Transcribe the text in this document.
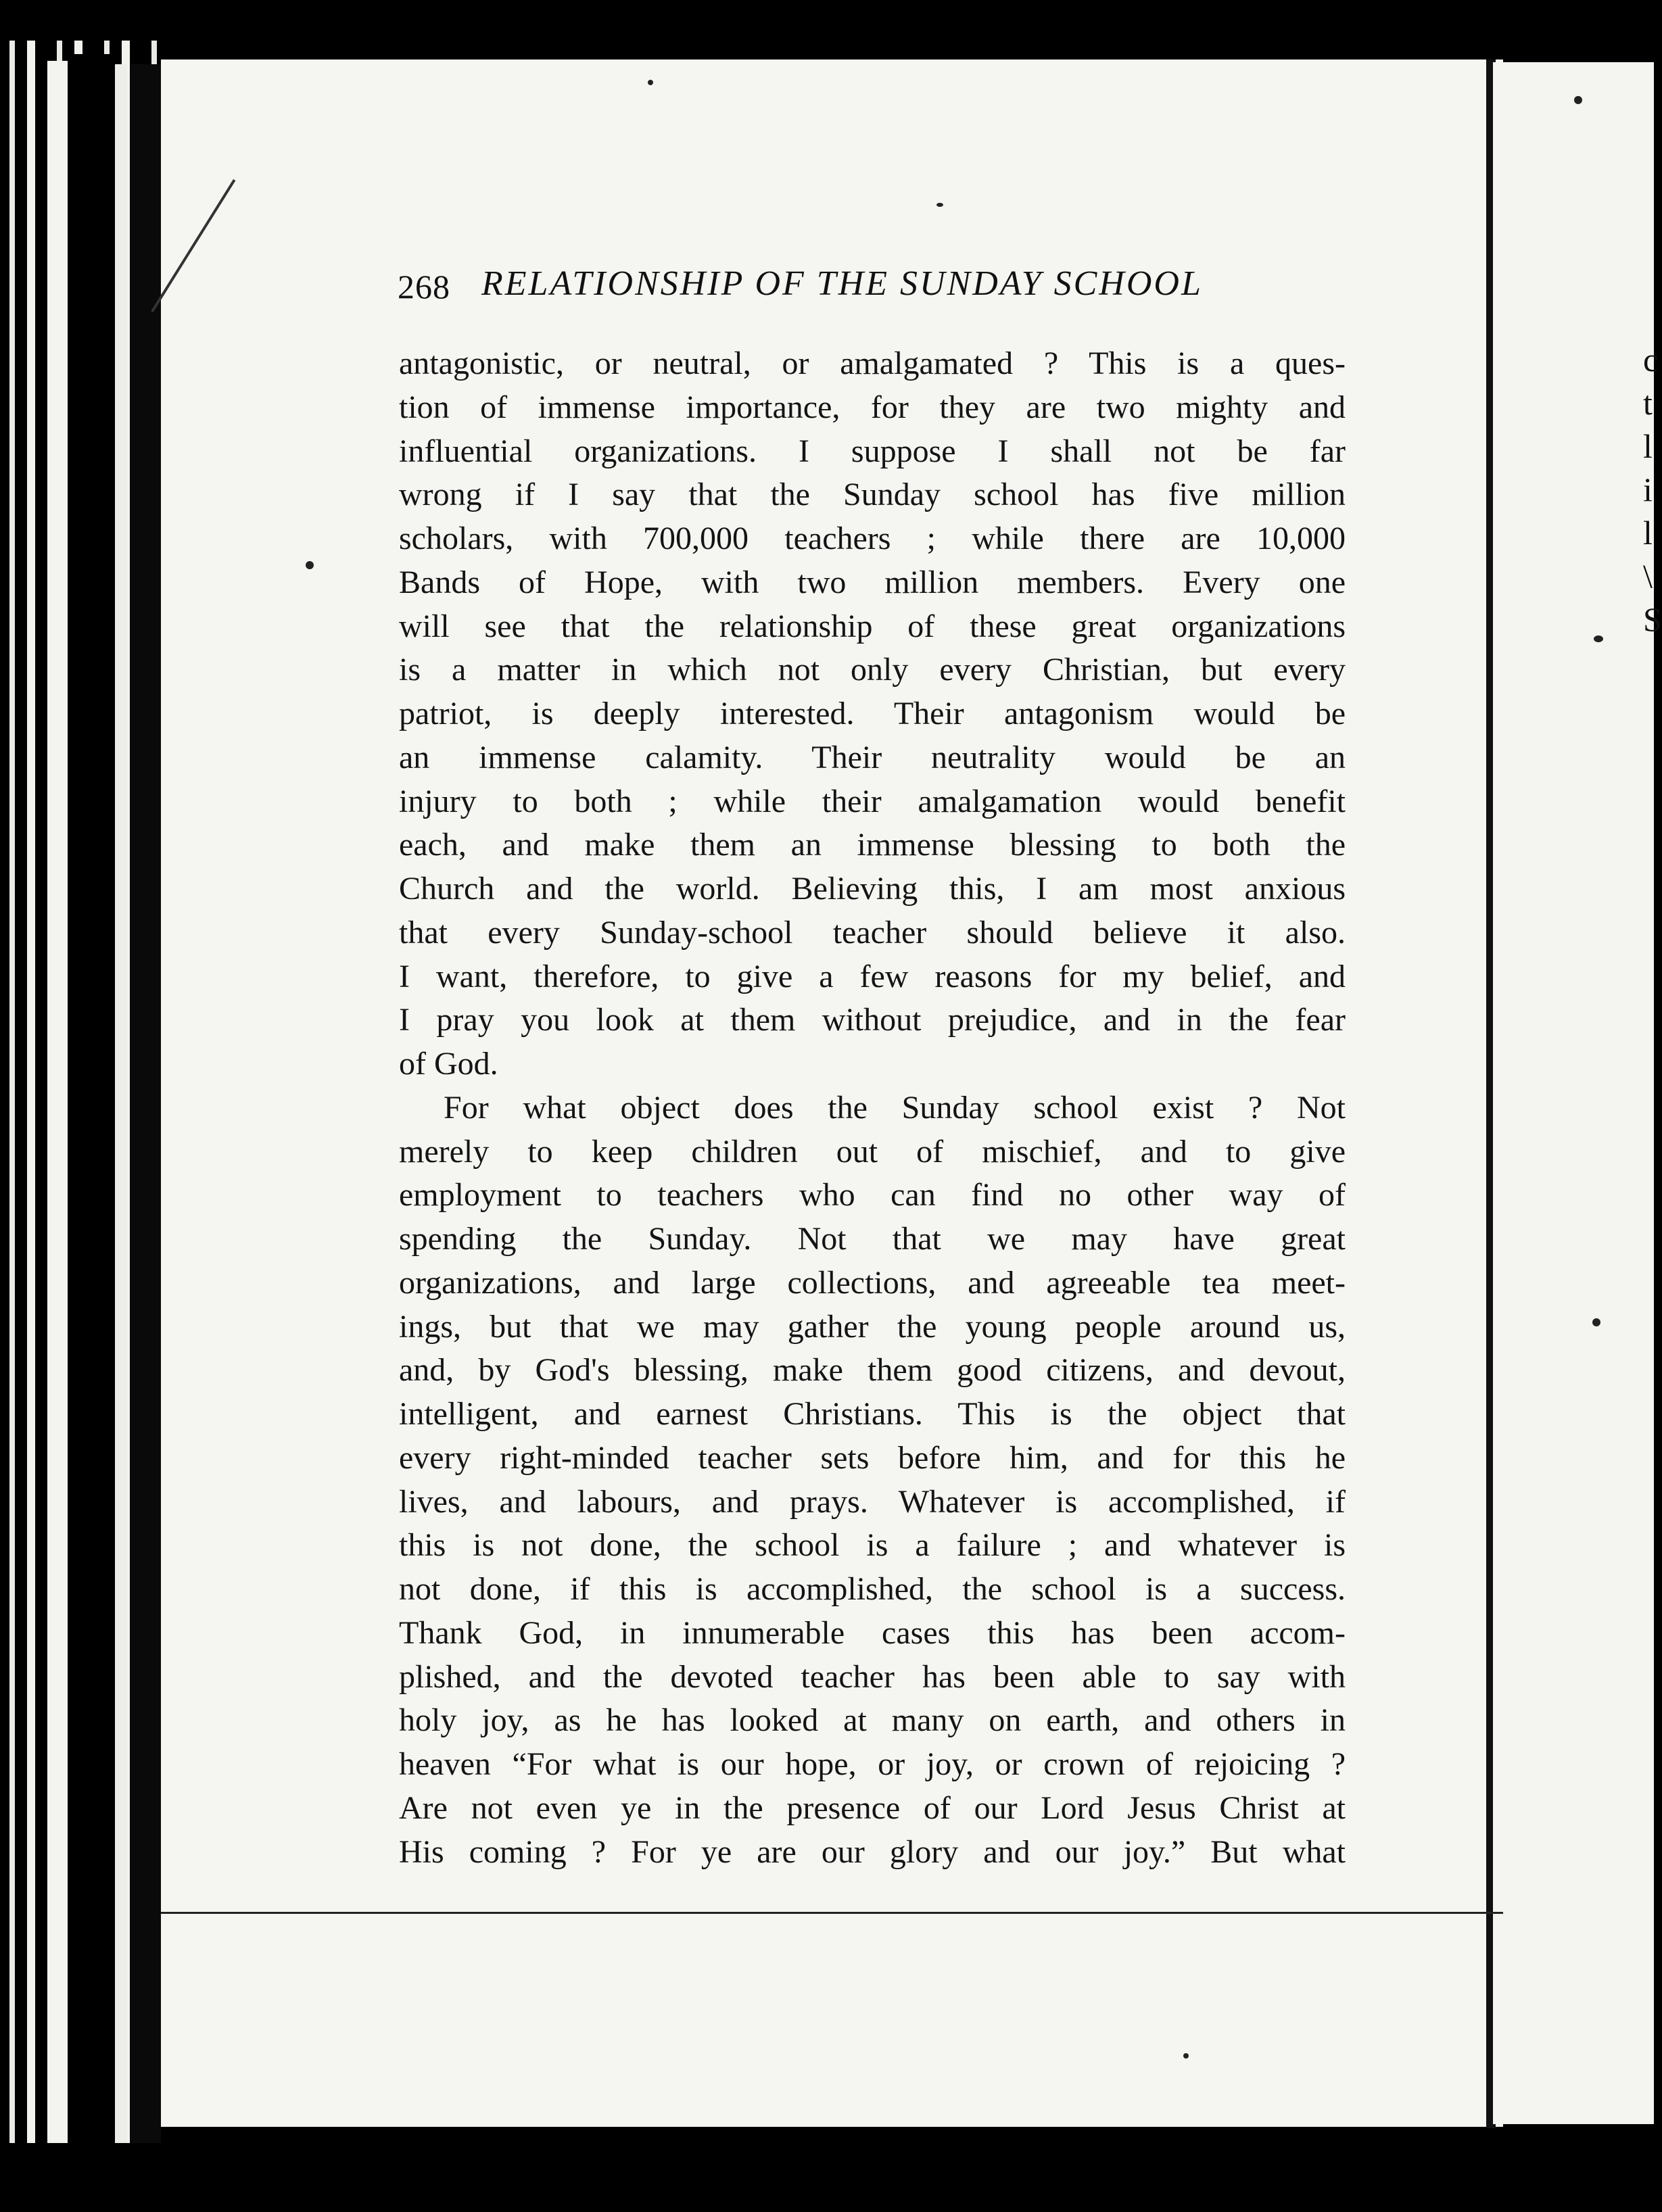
c
t
l
i
l
\
S
268 RELATIONSHIP OF THE SUNDAY SCHOOL
antagonistic, or neutral, or amalgamated ? This is a ques-
tion of immense importance, for they are two mighty and
influential organizations. I suppose I shall not be far
wrong if I say that the Sunday school has five million
scholars, with 700,000 teachers ; while there are 10,000
Bands of Hope, with two million members. Every one
will see that the relationship of these great organizations
is a matter in which not only every Christian, but every
patriot, is deeply interested. Their antagonism would be
an immense calamity. Their neutrality would be an
injury to both ; while their amalgamation would benefit
each, and make them an immense blessing to both the
Church and the world. Believing this, I am most anxious
that every Sunday-school teacher should believe it also.
I want, therefore, to give a few reasons for my belief, and
I pray you look at them without prejudice, and in the fear
of God.
For what object does the Sunday school exist ? Not
merely to keep children out of mischief, and to give
employment to teachers who can find no other way of
spending the Sunday. Not that we may have great
organizations, and large collections, and agreeable tea meet-
ings, but that we may gather the young people around us,
and, by God's blessing, make them good citizens, and devout,
intelligent, and earnest Christians. This is the object that
every right-minded teacher sets before him, and for this he
lives, and labours, and prays. Whatever is accomplished, if
this is not done, the school is a failure ; and whatever is
not done, if this is accomplished, the school is a success.
Thank God, in innumerable cases this has been accom-
plished, and the devoted teacher has been able to say with
holy joy, as he has looked at many on earth, and others in
heaven “For what is our hope, or joy, or crown of rejoicing ?
Are not even ye in the presence of our Lord Jesus Christ at
His coming ? For ye are our glory and our joy.” But what
